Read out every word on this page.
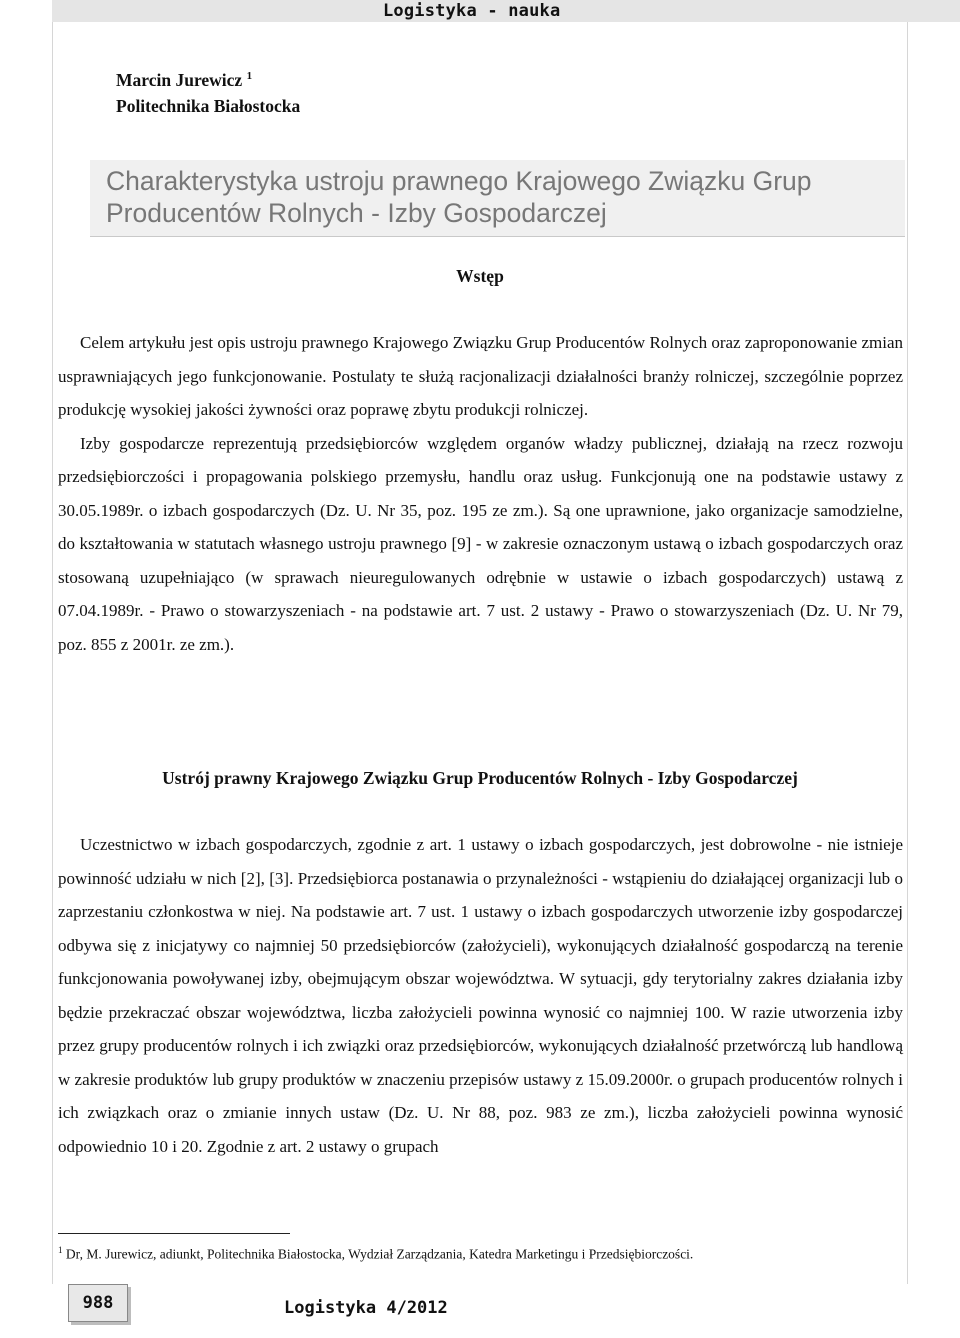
Logistyka - nauka
Marcin Jurewicz $^1$
Politechnika Białostocka
Charakterystyka ustroju prawnego Krajowego Związku Grup
Producentów Rolnych - Izby Gospodarczej
Wstęp

Celem artykułu jest opis ustroju prawnego Krajowego Związku Grup Producentów Rolnych oraz zaproponowanie zmian usprawniających jego funkcjonowanie. Postulaty te służą racjonalizacji działalności branży rolniczej, szczególnie poprzez produkcję wysokiej jakości żywności oraz poprawę zbytu produkcji rolniczej.

Izby gospodarcze reprezentują przedsiębiorców względem organów władzy publicznej, działają na rzecz rozwoju przedsiębiorczości i propagowania polskiego przemysłu, handlu oraz usług. Funkcjonują one na podstawie ustawy z 30.05.1989r. o izbach gospodarczych (Dz. U. Nr 35, poz. 195 ze zm.). Są one uprawnione, jako organizacje samodzielne, do kształtowania w statutach własnego ustroju prawnego [9] - w zakresie oznaczonym ustawą o izbach gospodarczych oraz stosowaną uzupełniająco (w sprawach nieuregulowanych odrębnie w ustawie o izbach gospodarczych) ustawą z 07.04.1989r. - Prawo o stowarzyszeniach - na podstawie art. 7 ust. 2 ustawy - Prawo o stowarzyszeniach (Dz. U. Nr 79, poz. 855 z 2001r. ze zm.).

Ustrój prawny Krajowego Związku Grup Producentów Rolnych - Izby Gospodarczej

Uczestnictwo w izbach gospodarczych, zgodnie z art. 1 ustawy o izbach gospodarczych, jest dobrowolne - nie istnieje powinność udziału w nich [2], [3]. Przedsiębiorca postanawia o przynależności - wstąpieniu do działającej organizacji lub o zaprzestaniu członkostwa w niej. Na podstawie art. 7 ust. 1 ustawy o izbach gospodarczych utworzenie izby gospodarczej odbywa się z inicjatywy co najmniej 50 przedsiębiorców (założycieli), wykonujących działalność gospodarczą na terenie funkcjonowania powoływanej izby, obejmującym obszar województwa. W sytuacji, gdy terytorialny zakres działania izby będzie przekraczać obszar województwa, liczba założycieli powinna wynosić co najmniej 100. W razie utworzenia izby przez grupy producentów rolnych i ich związki oraz przedsiębiorców, wykonujących działalność przetwórczą lub handlową w zakresie produktów lub grupy produktów w znaczeniu przepisów ustawy z 15.09.2000r. o grupach producentów rolnych i ich związkach oraz o zmianie innych ustaw (Dz. U. Nr 88, poz. 983 ze zm.), liczba założycieli powinna wynosić odpowiednio 10 i 20. Zgodnie z art. 2 ustawy o grupach

$^1$ Dr, M. Jurewicz, adiunkt, Politechnika Białostocka, Wydział Zarządzania, Katedra Marketingu i Przedsiębiorczości.
988	Logistyka 4/2012
